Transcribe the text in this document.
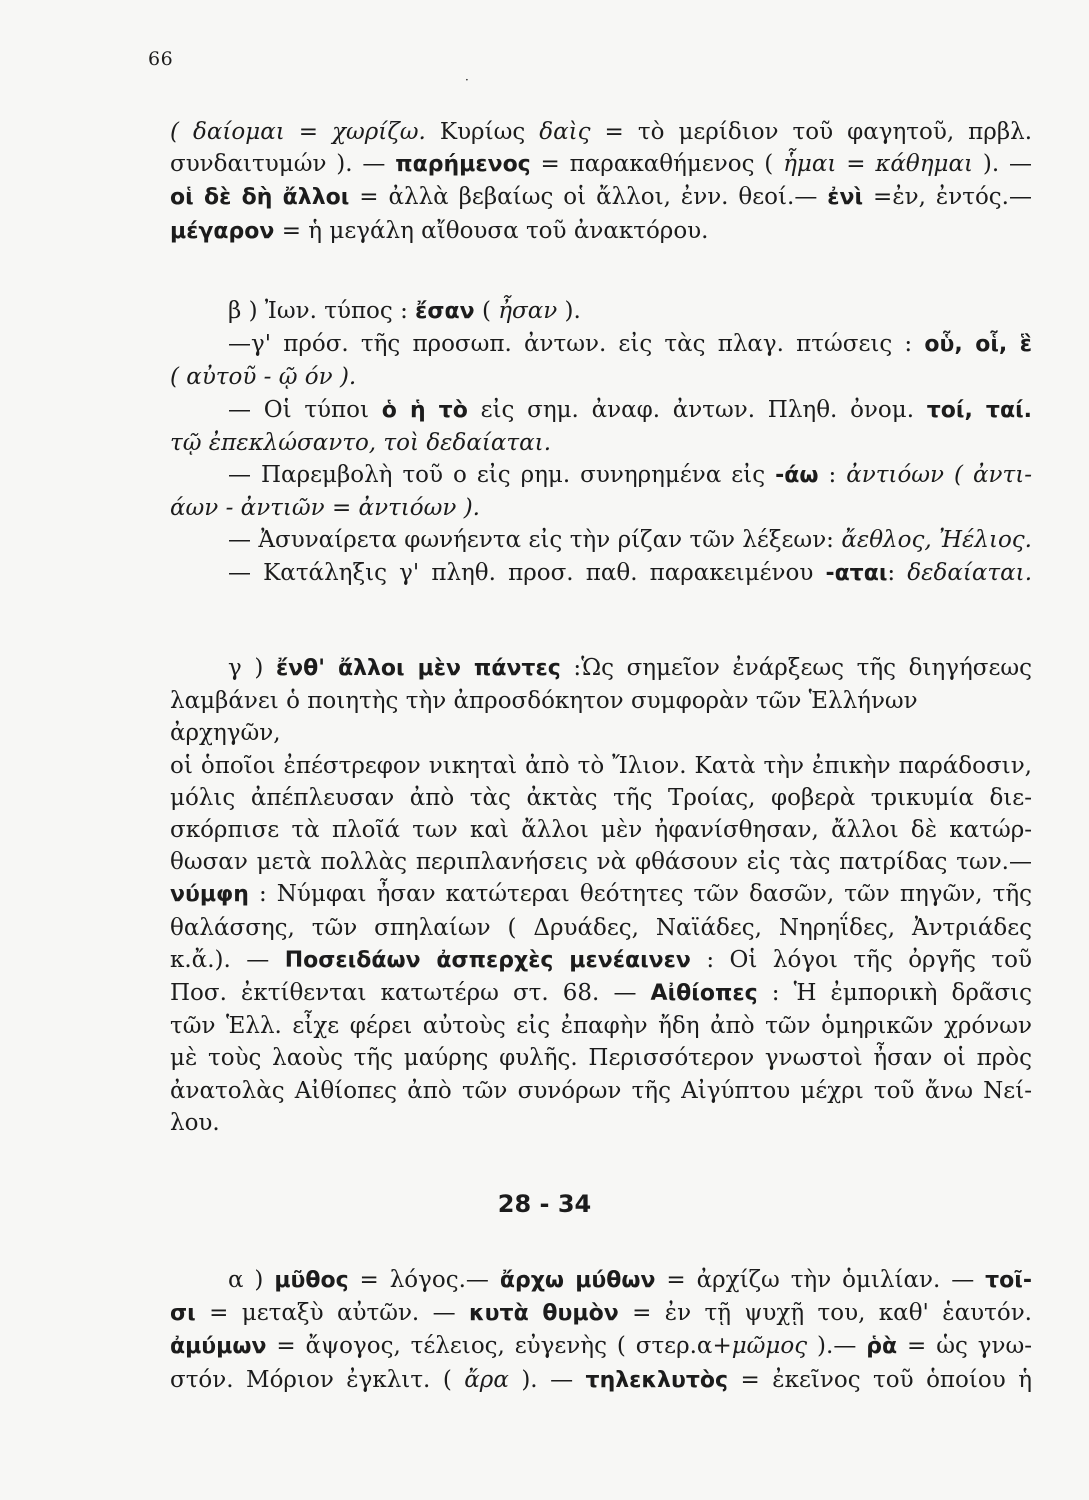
66
·
( δαίομαι = χωρίζω. Κυρίως δαὶς = τὸ μερίδιον τοῦ φαγητοῦ, πρβλ.
συνδαιτυμών ). — παρήμενος = παρακαθήμενος ( ἧμαι = κάθημαι ). —
οἱ δὲ δὴ ἄλλοι = ἀλλὰ βεβαίως οἱ ἄλλοι, ἐνν. θεοί.— ἐνὶ =ἐν, ἐντός.—
μέγαρον = ἡ μεγάλη αἴθουσα τοῦ ἀνακτόρου.
β ) Ἰων. τύπος : ἔσαν ( ἦσαν ).
—γ' πρόσ. τῆς προσωπ. ἀντων. εἰς τὰς πλαγ. πτώσεις : οὗ, οἷ, ἓ
( αὐτοῦ - ῷ όν ).
— Οἱ τύποι ὁ ἡ τὸ εἰς σημ. ἀναφ. ἀντων. Πληθ. ὀνομ. τοί, ταί.
τῷ ἐπεκλώσαντο, τοὶ δεδαίαται.
— Παρεμβολὴ τοῦ ο εἰς ρημ. συνηρημένα εἰς -άω : ἀντιόων ( ἀντι-
άων - ἀντιῶν = ἀντιόων ).
— Ἀσυναίρετα φωνήεντα εἰς τὴν ρίζαν τῶν λέξεων: ἄεθλος, Ἠέλιος.
— Κατάληξις γ' πληθ. προσ. παθ. παρακειμένου -αται: δεδαίαται.
γ ) ἔνθ' ἄλλοι μὲν πάντες :Ὡς σημεῖον ἐνάρξεως τῆς διηγήσεως
λαμβάνει ὁ ποιητὴς τὴν ἀπροσδόκητον συμφορὰν τῶν Ἑλλήνων ἀρχηγῶν,
οἱ ὁποῖοι ἐπέστρεφον νικηταὶ ἀπὸ τὸ Ἴλιον. Κατὰ τὴν ἐπικὴν παράδοσιν,
μόλις ἀπέπλευσαν ἀπὸ τὰς ἀκτὰς τῆς Τροίας, φοβερὰ τρικυμία διε-
σκόρπισε τὰ πλοῖά των καὶ ἄλλοι μὲν ἠφανίσθησαν, ἄλλοι δὲ κατώρ-
θωσαν μετὰ πολλὰς περιπλανήσεις νὰ φθάσουν εἰς τὰς πατρίδας των.—
νύμφη : Νύμφαι ἦσαν κατώτεραι θεότητες τῶν δασῶν, τῶν πηγῶν, τῆς
θαλάσσης, τῶν σπηλαίων ( Δρυάδες, Ναϊάδες, Νηρηΐδες, Ἀντριάδες
κ.ἄ.). — Ποσειδάων ἀσπερχὲς μενέαινεν : Οἱ λόγοι τῆς ὀργῆς τοῦ
Ποσ. ἐκτίθενται κατωτέρω στ. 68. — Αἰθίοπες : Ἡ ἐμπορικὴ δρᾶσις
τῶν Ἑλλ. εἶχε φέρει αὐτοὺς εἰς ἐπαφὴν ἤδη ἀπὸ τῶν ὁμηρικῶν χρόνων
μὲ τοὺς λαοὺς τῆς μαύρης φυλῆς. Περισσότερον γνωστοὶ ἦσαν οἱ πρὸς
ἀνατολὰς Αἰθίοπες ἀπὸ τῶν συνόρων τῆς Αἰγύπτου μέχρι τοῦ ἄνω Νεί-
λου.
28 - 34
α ) μῦθος = λόγος.— ἄρχω μύθων = ἀρχίζω τὴν ὁμιλίαν. — τοῖ-
σι = μεταξὺ αὐτῶν. — κυτὰ θυμὸν = ἐν τῇ ψυχῇ του, καθ' ἑαυτόν.
ἀμύμων = ἄψογος, τέλειος, εὐγενὴς ( στερ.α+μῶμος ).— ῥὰ = ὡς γνω-
στόν. Μόριον ἐγκλιτ. ( ἄρα ). — τηλεκλυτὸς = ἐκεῖνος τοῦ ὁποίου ἡ
